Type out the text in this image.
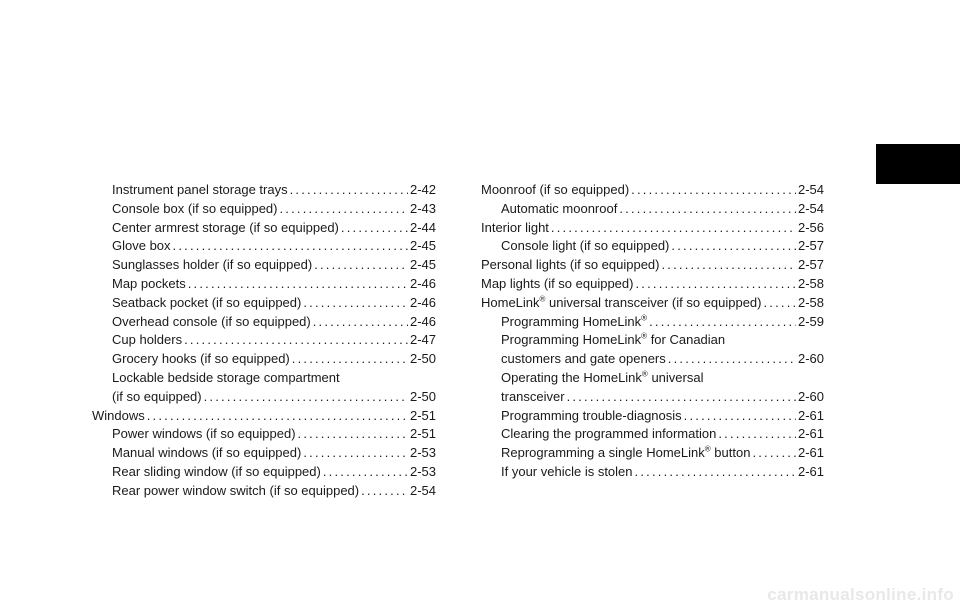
Instrument panel storage trays .....	2-42
Console box (if so equipped) .....	2-43
Center armrest storage (if so equipped) .....	2-44
Glove box .....	2-45
Sunglasses holder (if so equipped) .....	2-45
Map pockets .....	2-46
Seatback pocket (if so equipped) .....	2-46
Overhead console (if so equipped) .....	2-46
Cup holders .....	2-47
Grocery hooks (if so equipped) .....	2-50
Lockable bedside storage compartment
(if so equipped) .....	2-50
Windows .....	2-51
Power windows (if so equipped) .....	2-51
Manual windows (if so equipped) .....	2-53
Rear sliding window (if so equipped) .....	2-53
Rear power window switch (if so equipped) .....	2-54
Moonroof (if so equipped) .....	2-54
Automatic moonroof .....	2-54
Interior light .....	2-56
Console light (if so equipped) .....	2-57
Personal lights (if so equipped) .....	2-57
Map lights (if so equipped) .....	2-58
HomeLink® universal transceiver (if so equipped) .....	2-58
Programming HomeLink® .....	2-59
Programming HomeLink® for Canadian
customers and gate openers .....	2-60
Operating the HomeLink® universal
transceiver .....	2-60
Programming trouble-diagnosis .....	2-61
Clearing the programmed information .....	2-61
Reprogramming a single HomeLink® button .....	2-61
If your vehicle is stolen .....	2-61
carmanualsonline.info
